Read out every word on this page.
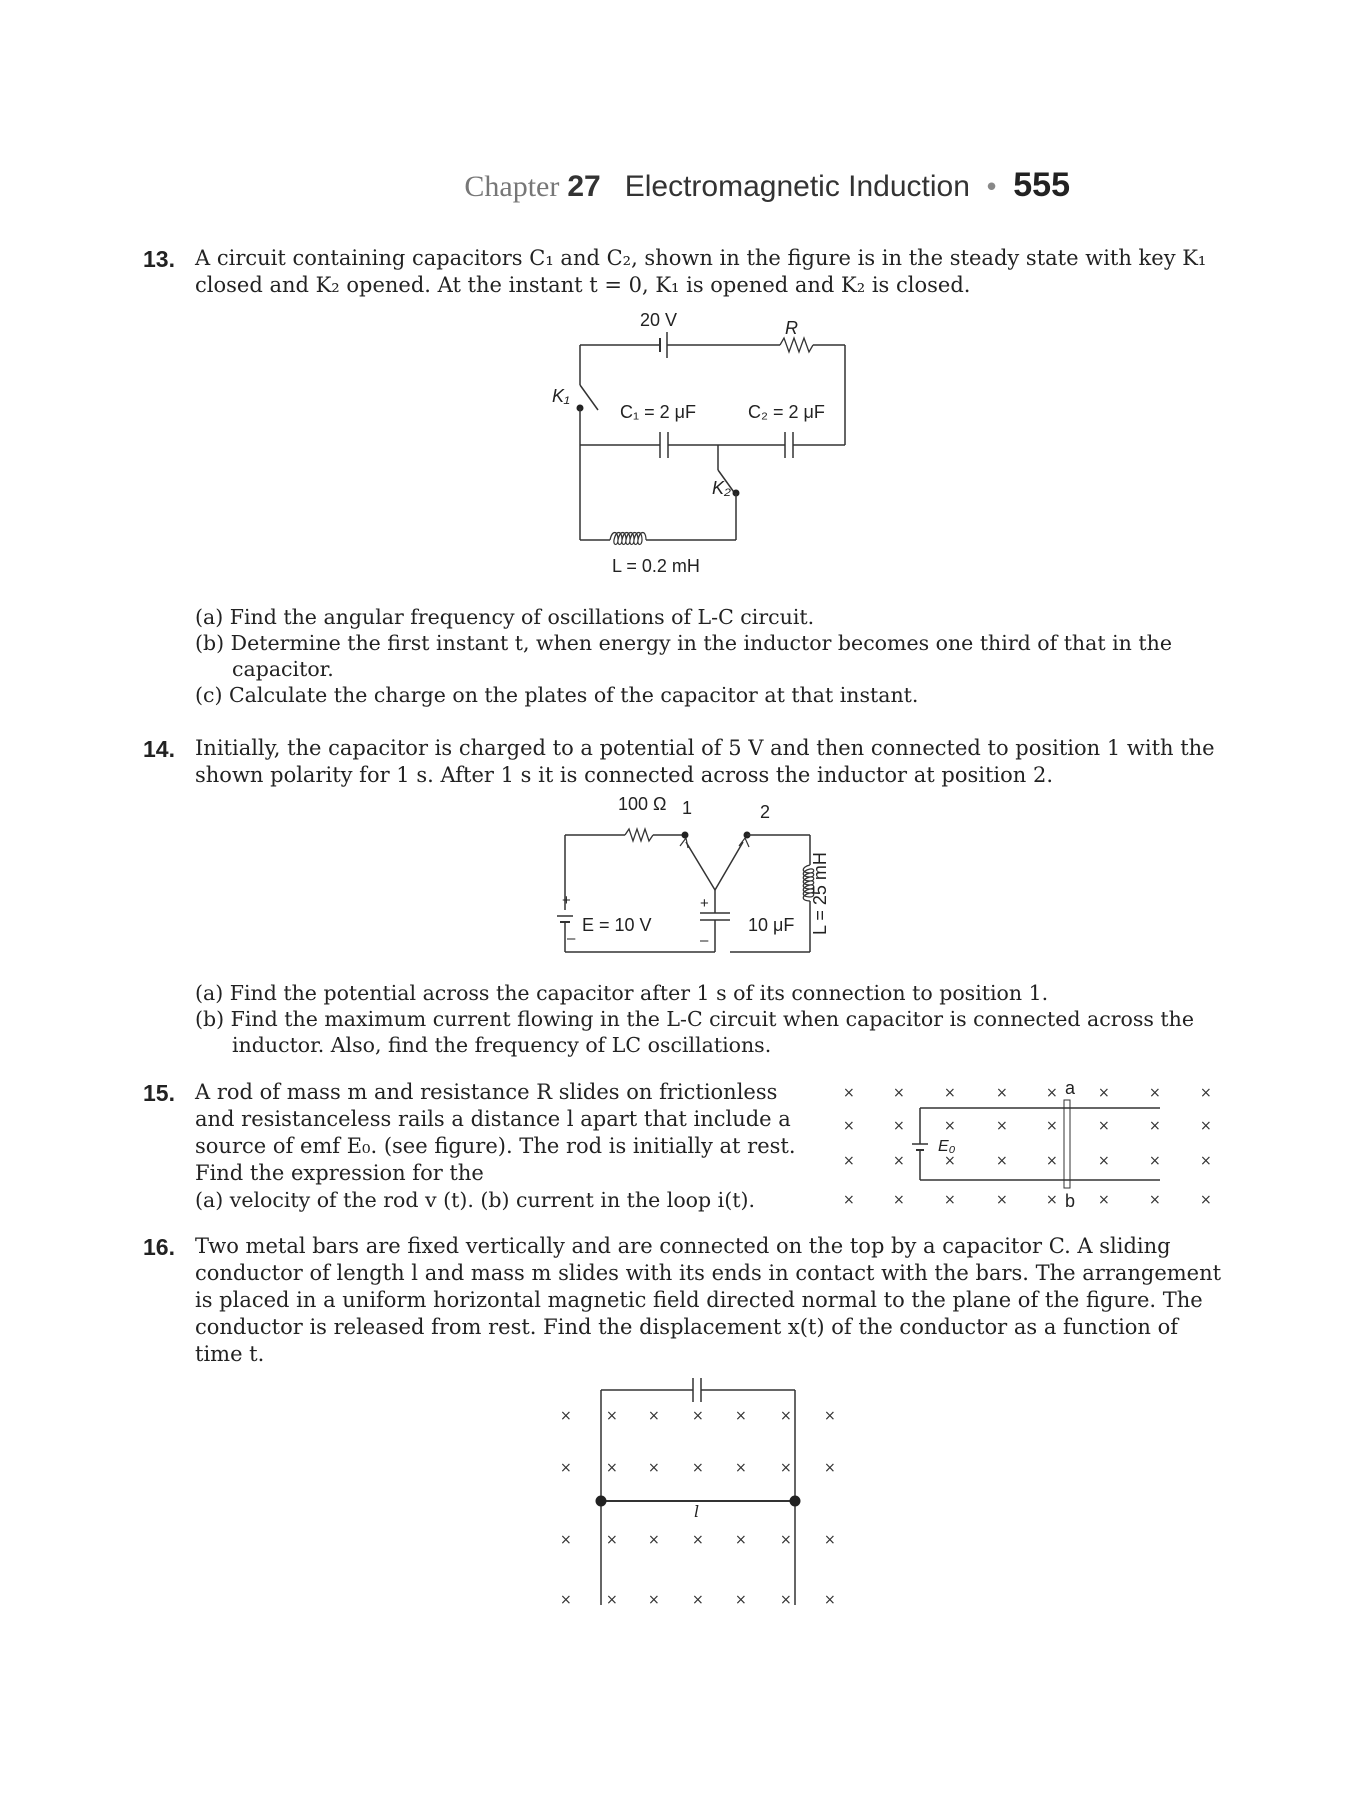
Chapter 27 Electromagnetic Induction • 555
13. A circuit containing capacitors C₁ and C₂, shown in the figure is in the steady state with key K₁
closed and K₂ opened. At the instant t = 0, K₁ is opened and K₂ is closed.
20 V	R
K₁
C₁ = 2 μF	C₂ = 2 μF
K₂
L = 0.2 mH
(a) Find the angular frequency of oscillations of L-C circuit.
(b) Determine the first instant t, when energy in the inductor becomes one third of that in the
capacitor.
(c) Calculate the charge on the plates of the capacitor at that instant.
14. Initially, the capacitor is charged to a potential of 5 V and then connected to position 1 with the
shown polarity for 1 s. After 1 s it is connected across the inductor at position 2.
100 Ω 1	2
+
–
E = 10 V
+
–
10 μF L = 25 mH
(a) Find the potential across the capacitor after 1 s of its connection to position 1.
(b) Find the maximum current flowing in the L-C circuit when capacitor is connected across the
inductor. Also, find the frequency of LC oscillations.
15. A rod of mass m and resistance R slides on frictionless
and resistanceless rails a distance l apart that include a
source of emf E₀. (see figure). The rod is initially at rest.
Find the expression for the
(a) velocity of the rod v (t). (b) current in the loop i(t).
a
b
E₀
×	×	×	×	×	×	×	×
×	×	×	×	×	×	×	×
×	×	×	×	×	×	×	×
×	×	×	×	×	×	×	×
16. Two metal bars are fixed vertically and are connected on the top by a capacitor C. A sliding
conductor of length l and mass m slides with its ends in contact with the bars. The arrangement
is placed in a uniform horizontal magnetic field directed normal to the plane of the figure. The
conductor is released from rest. Find the displacement x(t) of the conductor as a function of
time t.
l
× × × × × × ×
× × × × × × ×
× × × × × × ×
× × × × × × ×
